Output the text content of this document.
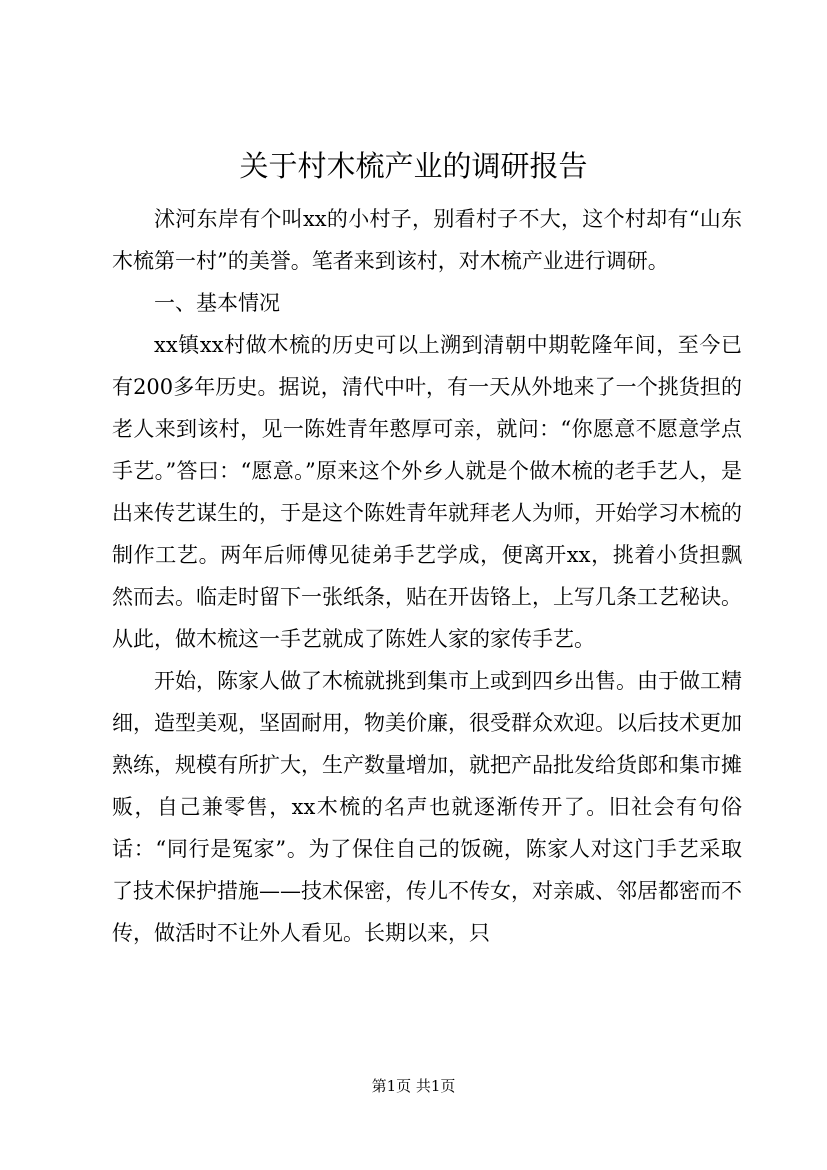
关于村木梳产业的调研报告

沭河东岸有个叫xx的小村子，别看村子不大，这个村却有“山东木梳第一村”的美誉。笔者来到该村，对木梳产业进行调研。

一、基本情况

xx镇xx村做木梳的历史可以上溯到清朝中期乾隆年间，至今已有200多年历史。据说，清代中叶，有一天从外地来了一个挑货担的老人来到该村，见一陈姓青年憨厚可亲，就问：“你愿意不愿意学点手艺。”答曰：“愿意。”原来这个外乡人就是个做木梳的老手艺人，是出来传艺谋生的，于是这个陈姓青年就拜老人为师，开始学习木梳的制作工艺。两年后师傅见徒弟手艺学成，便离开xx，挑着小货担飘然而去。临走时留下一张纸条，贴在开齿铬上，上写几条工艺秘诀。从此，做木梳这一手艺就成了陈姓人家的家传手艺。

开始，陈家人做了木梳就挑到集市上或到四乡出售。由于做工精细，造型美观，坚固耐用，物美价廉，很受群众欢迎。以后技术更加熟练，规模有所扩大，生产数量增加，就把产品批发给货郎和集市摊贩，自己兼零售，xx木梳的名声也就逐渐传开了。旧社会有句俗话：“同行是冤家”。为了保住自己的饭碗，陈家人对这门手艺采取了技术保护措施——技术保密，传儿不传女，对亲戚、邻居都密而不传，做活时不让外人看见。长期以来，只

第1页 共1页
